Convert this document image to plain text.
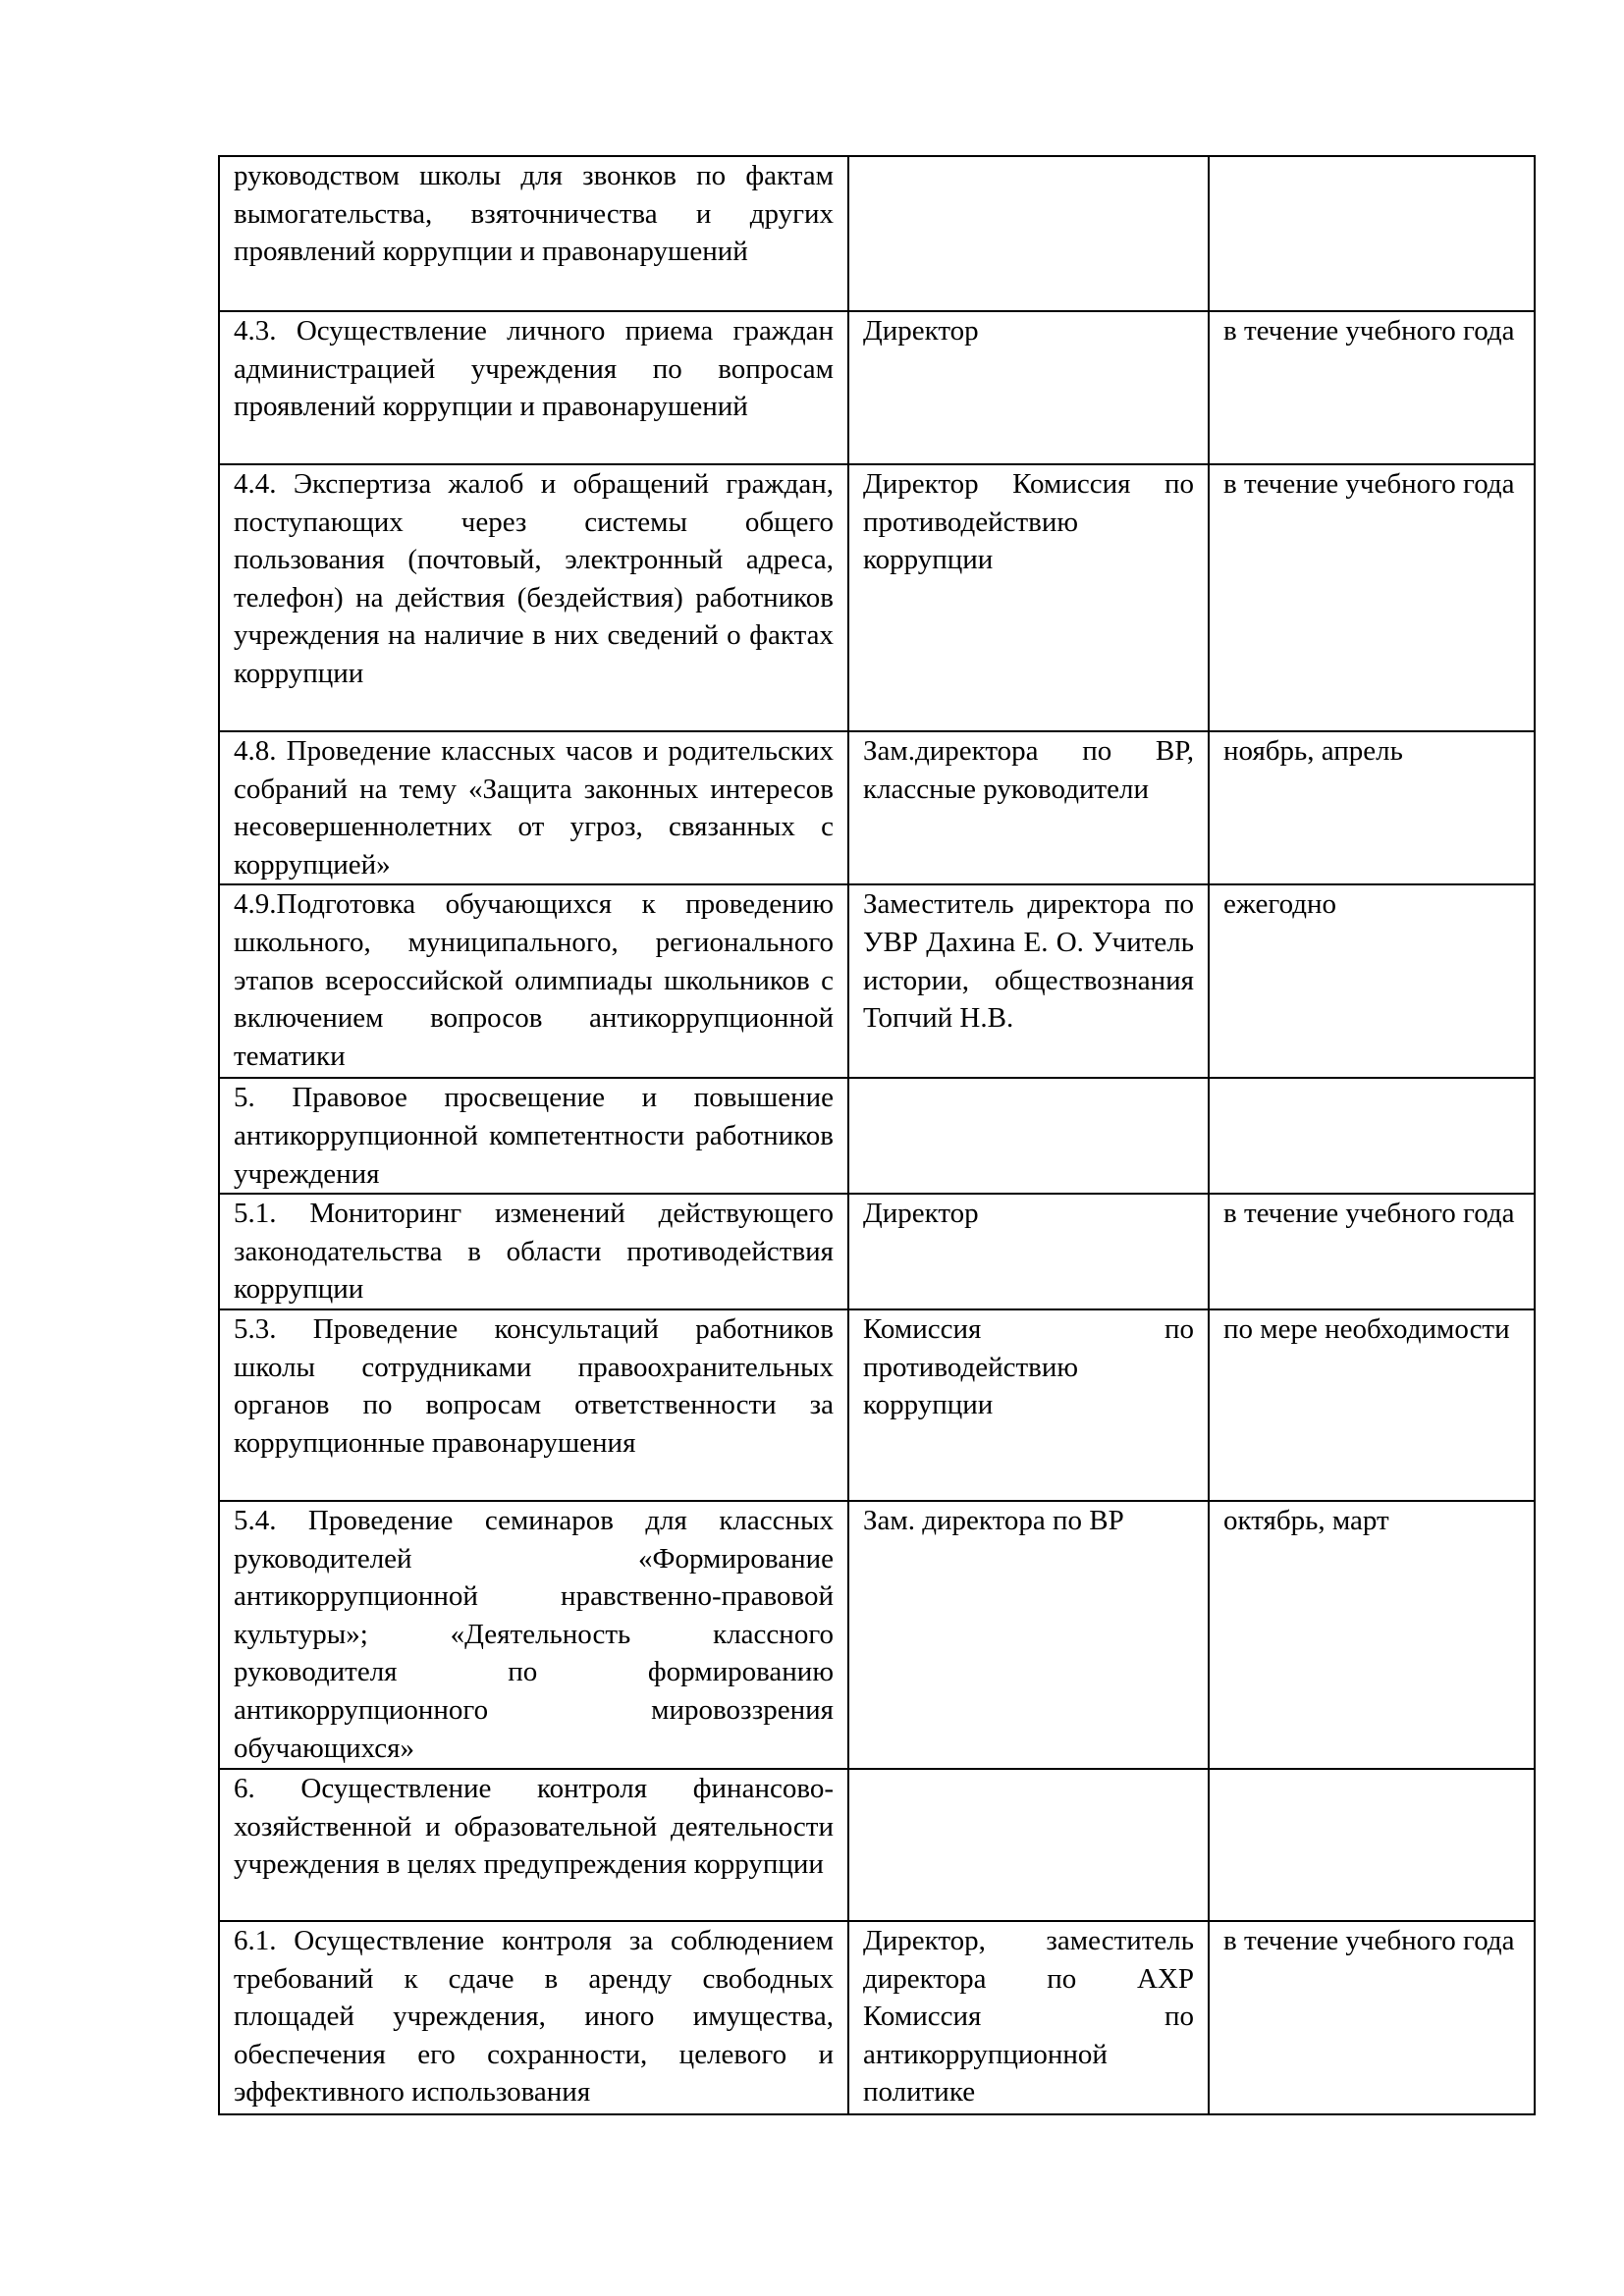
руководством школы для звонков по фактам вымогательства, взяточничества и других проявлений коррупции и правонарушений		
4.3. Осуществление личного приема граждан администрацией учреждения по вопросам проявлений коррупции и правонарушений	Директор	в течение учебного года
4.4. Экспертиза жалоб и обращений граждан, поступающих через системы общего пользования (почтовый, электронный адреса, телефон) на действия (бездействия) работников учреждения на наличие в них сведений о фактах коррупции	Директор Комиссия по противодействию коррупции	в течение учебного года
4.8. Проведение классных часов и родительских собраний на тему «Защита законных интересов несовершеннолетних от угроз, связанных с коррупцией»	Зам.директора по ВР, классные руководители	ноябрь, апрель
4.9.Подготовка обучающихся к проведению школьного, муниципального, регионального этапов всероссийской олимпиады школьников с включением вопросов антикоррупционной тематики	Заместитель директора по УВР Дахина Е. О. Учитель истории, обществознания Топчий Н.В.	ежегодно
5. Правовое просвещение и повышение антикоррупционной компетентности работников учреждения		
5.1. Мониторинг изменений действующего законодательства в области противодействия коррупции	Директор	в течение учебного года
5.3. Проведение консультаций работников школы сотрудниками правоохранительных органов по вопросам ответственности за коррупционные правонарушения	Комиссия по противодействию коррупции	по мере необходимости
5.4. Проведение семинаров для классных руководителей «Формирование антикоррупционной нравственно-правовой культуры»; «Деятельность классного руководителя по формированию антикоррупционного мировоззрения обучающихся»	Зам. директора по ВР	октябрь, март
6. Осуществление контроля финансово-хозяйственной и образовательной деятельности учреждения в целях предупреждения коррупции		
6.1. Осуществление контроля за соблюдением требований к сдаче в аренду свободных площадей учреждения, иного имущества, обеспечения его сохранности, целевого и эффективного использования	Директор, заместитель директора по АХР Комиссия по антикоррупционной политике	в течение учебного года
